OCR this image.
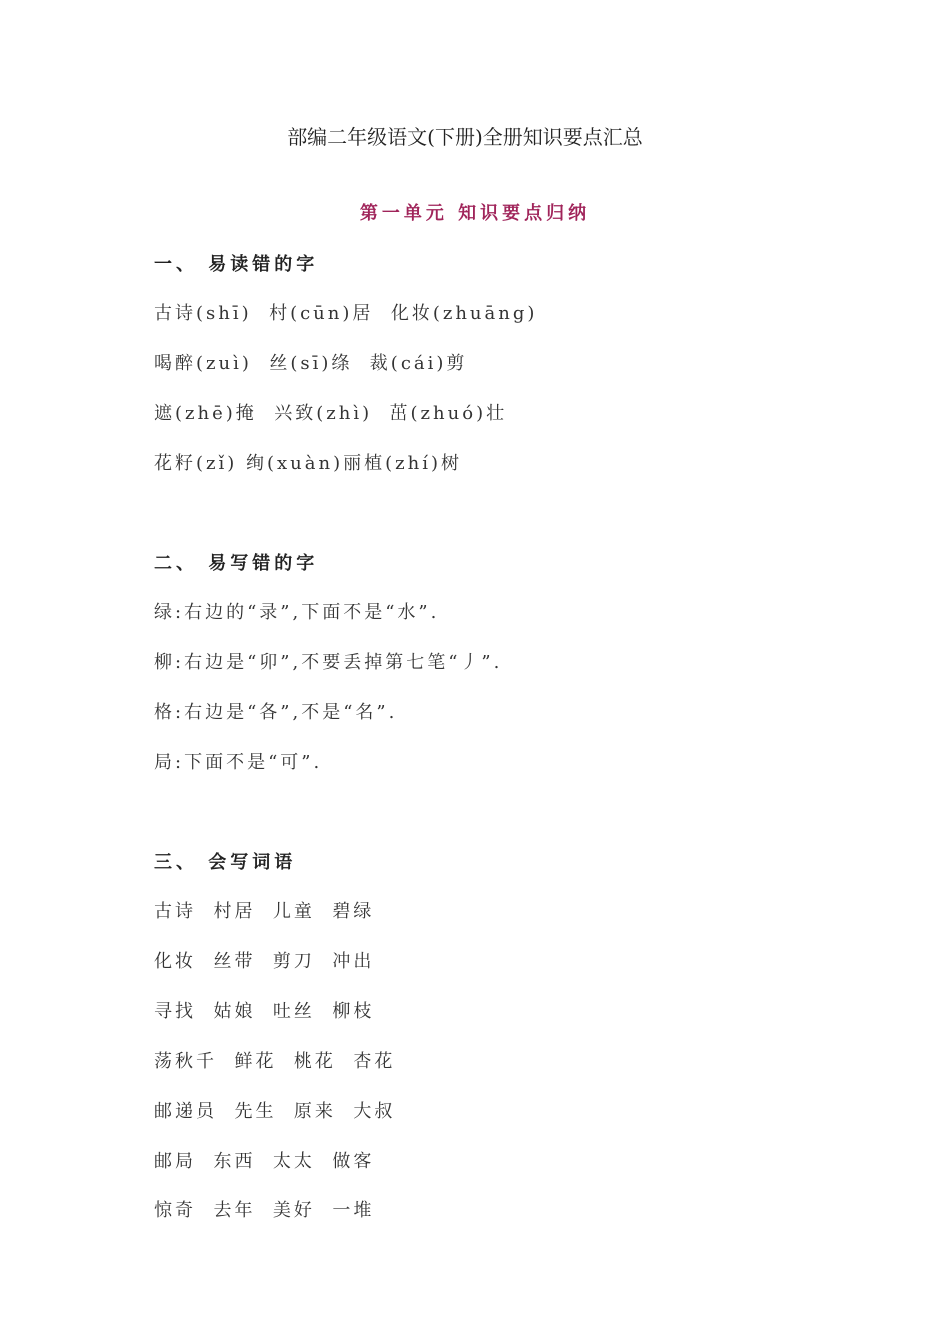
部编二年级语文(下册)全册知识要点汇总
第一单元 知识要点归纳
一、 易读错的字
古诗(shī)  村(cūn)居  化妆(zhuāng)
喝醉(zuì)  丝(sī)绦  裁(cái)剪
遮(zhē)掩  兴致(zhì)  茁(zhuó)壮
花籽(zǐ) 绚(xuàn)丽植(zhí)树
二、 易写错的字
绿:右边的“录”,下面不是“水”.
柳:右边是“卯”,不要丢掉第七笔“丿”.
格:右边是“各”,不是“名”.
局:下面不是“可”.
三、 会写词语
古诗  村居  儿童  碧绿
化妆  丝带  剪刀  冲出
寻找  姑娘  吐丝  柳枝
荡秋千  鲜花  桃花  杏花
邮递员  先生  原来  大叔
邮局  东西  太太  做客
惊奇  去年  美好  一堆
